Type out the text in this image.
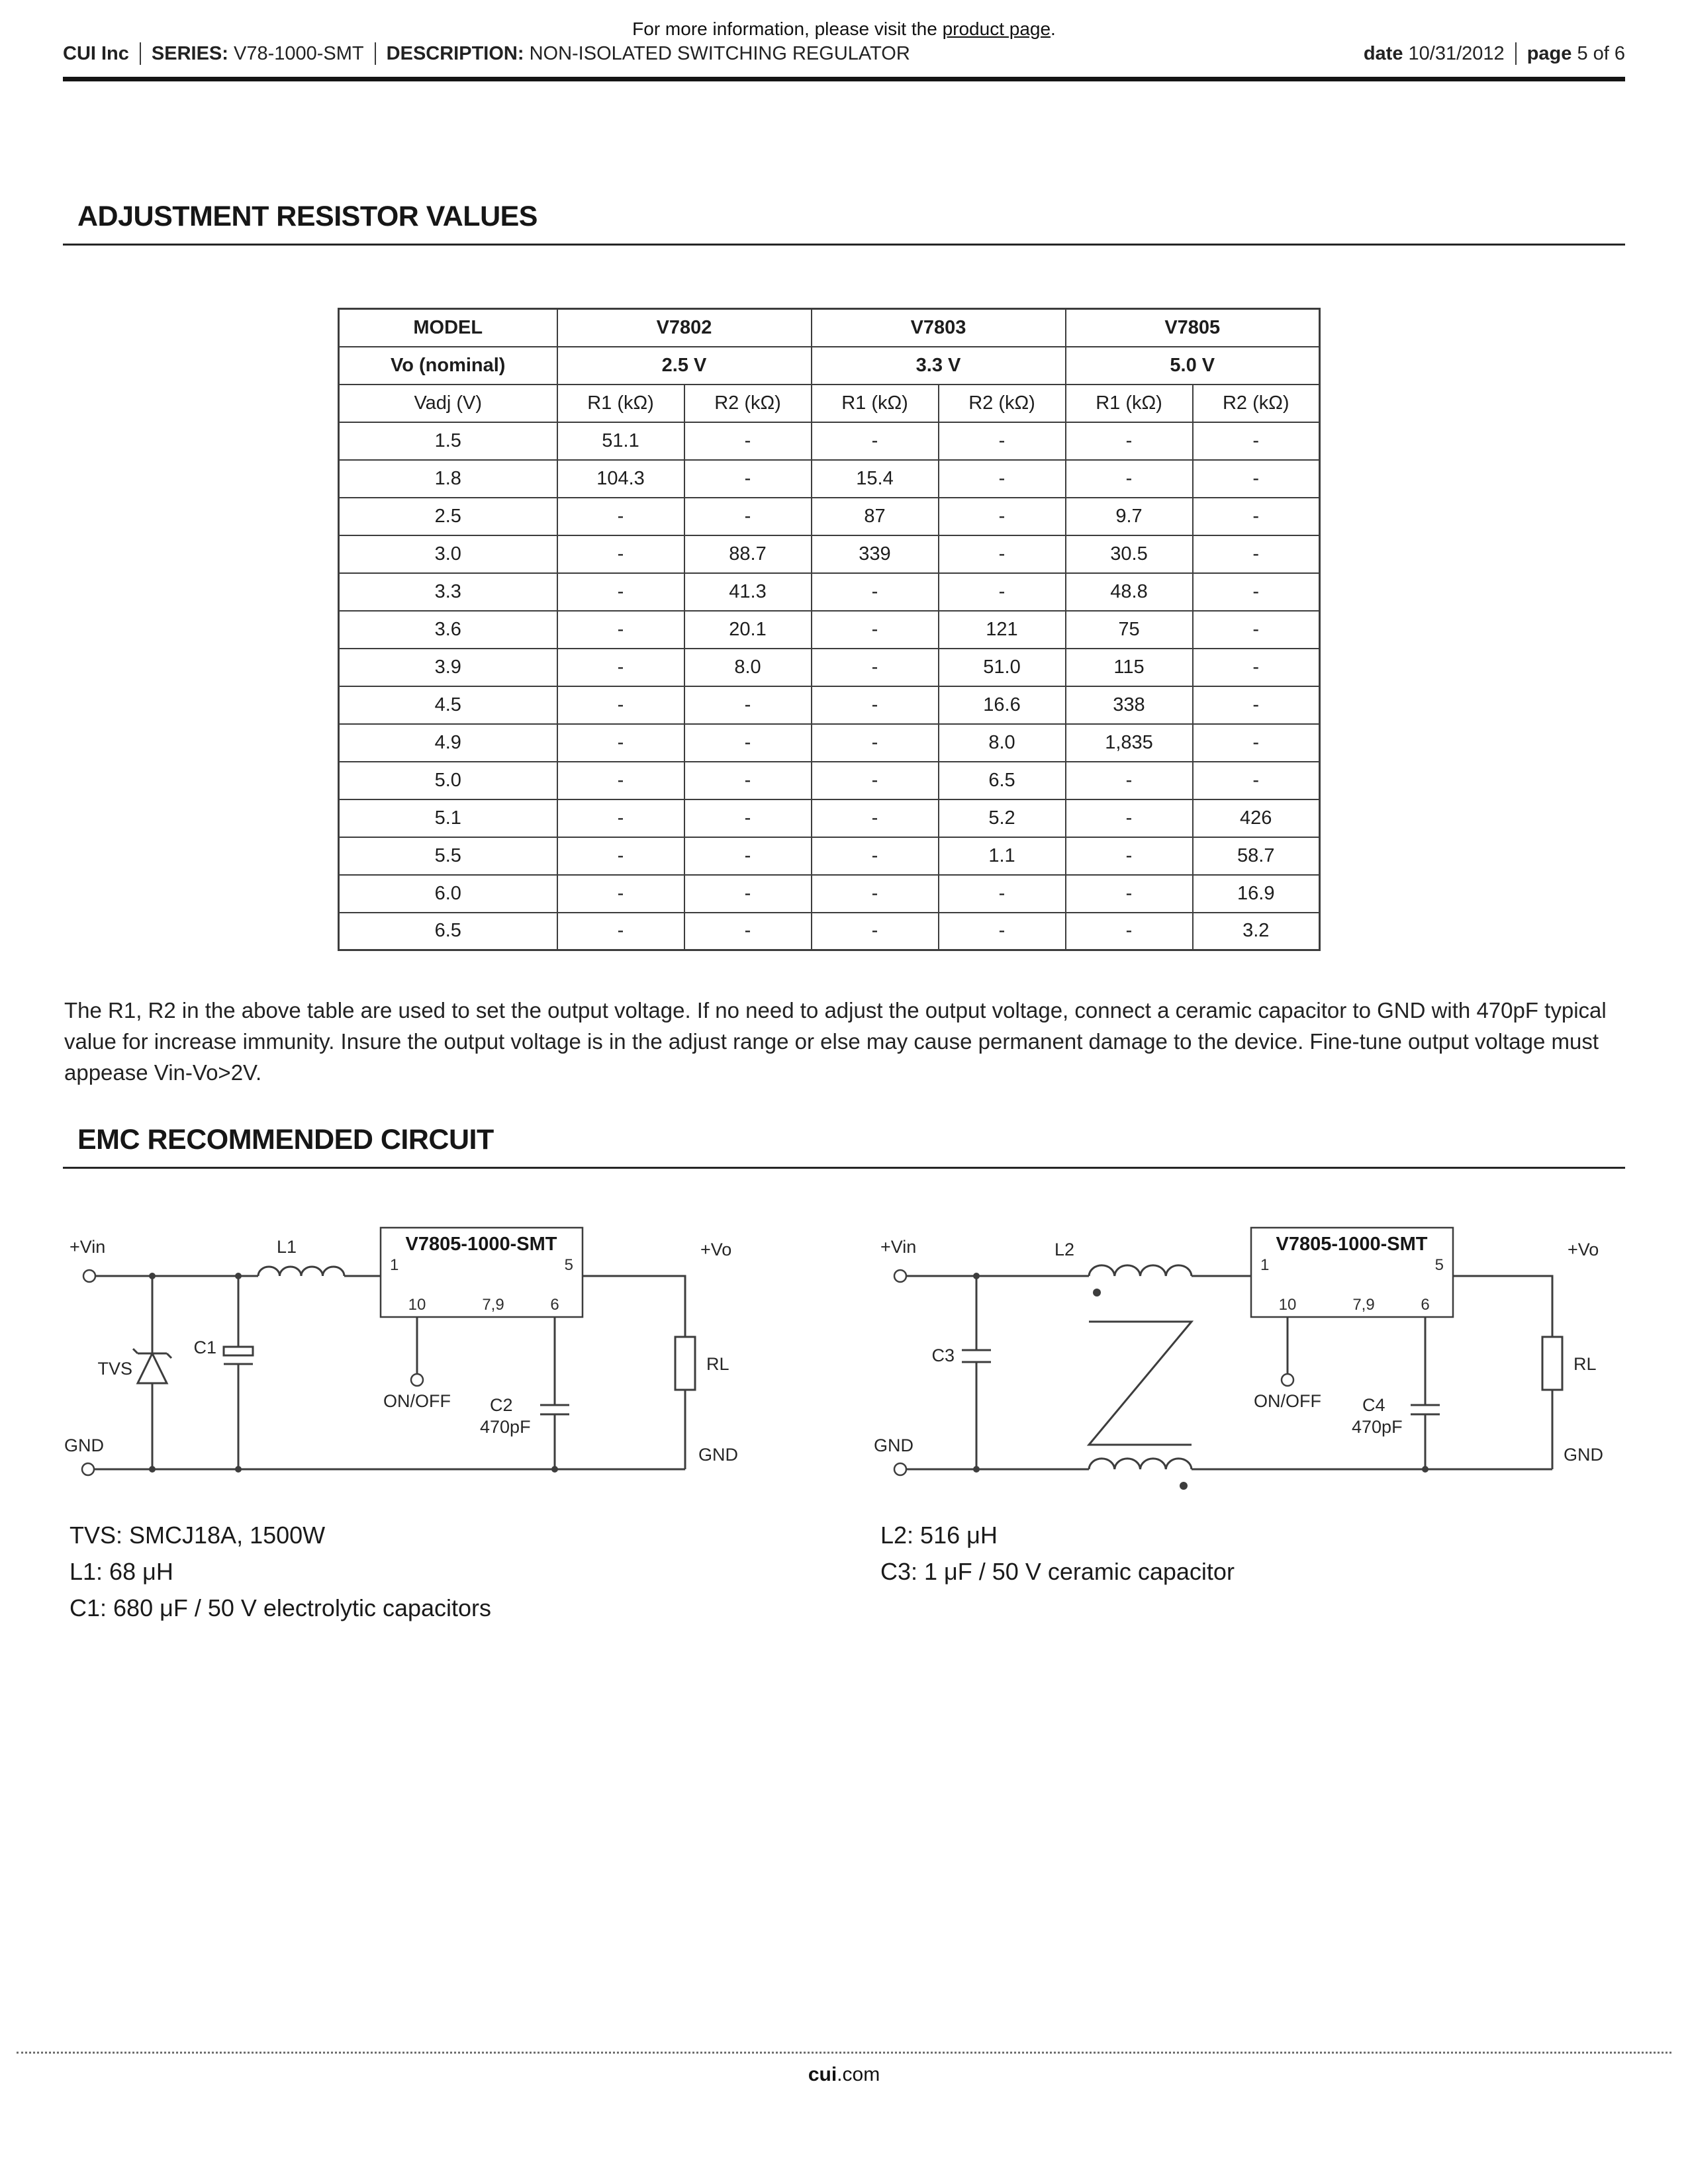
For more information, please visit the product page.
CUI Inc SERIES: V78-1000-SMT DESCRIPTION: NON-ISOLATED SWITCHING REGULATOR	date 10/31/2012 page 5 of 6
ADJUSTMENT RESISTOR VALUES
MODEL	V7802		V7803		V7805	
Vo (nominal)	2.5 V		3.3 V		5.0 V	
Vadj (V)	R1 (kΩ)	R2 (kΩ)	R1 (kΩ)	R2 (kΩ)	R1 (kΩ)	R2 (kΩ)
1.5	51.1	-	-	-	-	-
1.8	104.3	-	15.4	-	-	-
2.5	-	-	87	-	9.7	-
3.0	-	88.7	339	-	30.5	-
3.3	-	41.3	-	-	48.8	-
3.6	-	20.1	-	121	75	-
3.9	-	8.0	-	51.0	115	-
4.5	-	-	-	16.6	338	-
4.9	-	-	-	8.0	1,835	-
5.0	-	-	-	6.5	-	-
5.1	-	-	-	5.2	-	426
5.5	-	-	-	1.1	-	58.7
6.0	-	-	-	-	-	16.9
6.5	-	-	-	-	-	3.2

The R1, R2 in the above table are used to set the output voltage. If no need to adjust the output voltage, connect a ceramic capacitor to GND with 470pF typical value for increase immunity. Insure the output voltage is in the adjust range or else may cause permanent damage to the device. Fine-tune output voltage must appease Vin-Vo>2V.

EMC RECOMMENDED CIRCUIT
+Vin	L1
TVS
C1
V7805-1000-SMT
1	5
10	7,9	6
ON/OFF C2
470pF
+Vo
RL
GND
GND
+Vin	L2
C3
V7805-1000-SMT
1	5
10	7,9	6
ON/OFF C4
470pF
+Vo
RL
GND
GND
TVS: SMCJ18A, 1500W
L1: 68 μH
C1: 680 μF / 50 V electrolytic capacitors
L2: 516 μH
C3: 1 μF / 50 V ceramic capacitor
cui.com
